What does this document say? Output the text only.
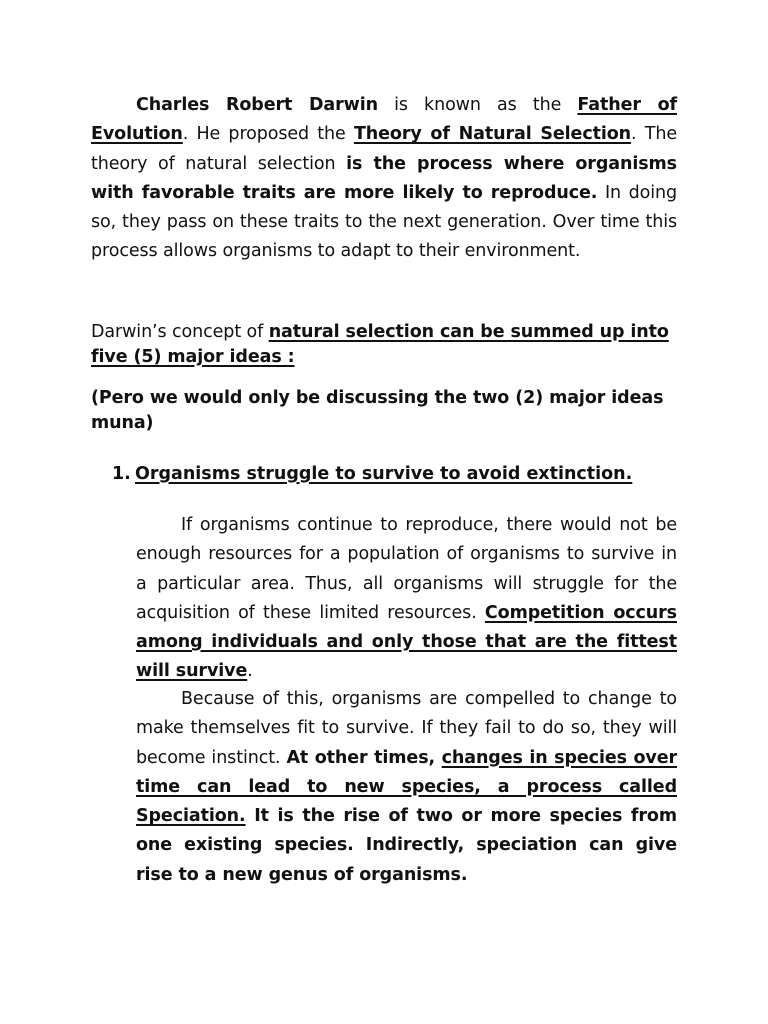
Charles Robert Darwin is known as the Father of Evolution. He proposed the Theory of Natural Selection. The theory of natural selection is the process where organisms with favorable traits are more likely to reproduce. In doing so, they pass on these traits to the next generation. Over time this process allows organisms to adapt to their environment.

Darwin’s concept of natural selection can be summed up into five (5) major ideas :

(Pero we would only be discussing the two (2) major ideas muna)

1. Organisms struggle to survive to avoid extinction.

If organisms continue to reproduce, there would not be enough resources for a population of organisms to survive in a particular area. Thus, all organisms will struggle for the acquisition of these limited resources. Competition occurs among individuals and only those that are the fittest will survive.

Because of this, organisms are compelled to change to make themselves fit to survive. If they fail to do so, they will become instinct. At other times, changes in species over time can lead to new species, a process called Speciation. It is the rise of two or more species from one existing species. Indirectly, speciation can give rise to a new genus of organisms.
